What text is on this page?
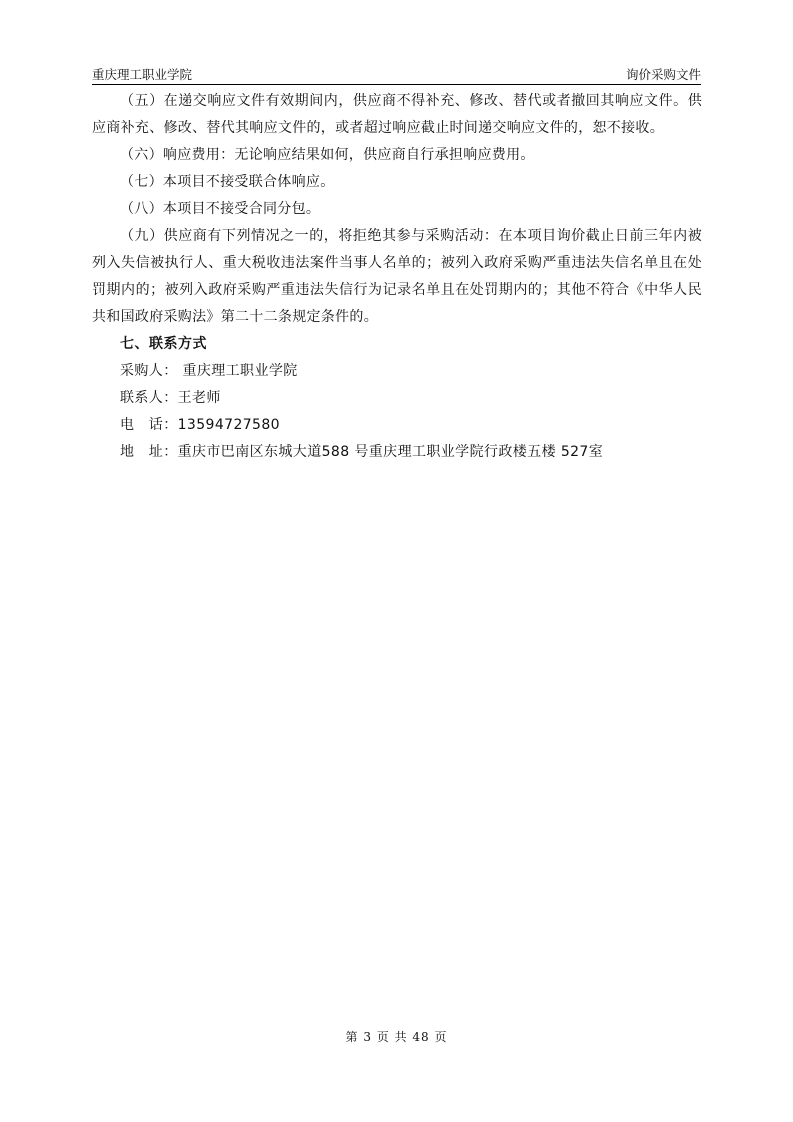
重庆理工职业学院	询价采购文件

（五）在递交响应文件有效期间内，供应商不得补充、修改、替代或者撤回其响应文件。供应商补充、修改、替代其响应文件的，或者超过响应截止时间递交响应文件的，恕不接收。

（六）响应费用：无论响应结果如何，供应商自行承担响应费用。

（七）本项目不接受联合体响应。

（八）本项目不接受合同分包。

（九）供应商有下列情况之一的，将拒绝其参与采购活动：在本项目询价截止日前三年内被列入失信被执行人、重大税收违法案件当事人名单的；被列入政府采购严重违法失信名单且在处罚期内的；被列入政府采购严重违法失信行为记录名单且在处罚期内的；其他不符合《中华人民共和国政府采购法》第二十二条规定条件的。

七、联系方式
采购人： 重庆理工职业学院
联系人：王老师
电　话：13594727580
地　址：重庆市巴南区东城大道588 号重庆理工职业学院行政楼五楼 527室
第 3 页 共 48 页
